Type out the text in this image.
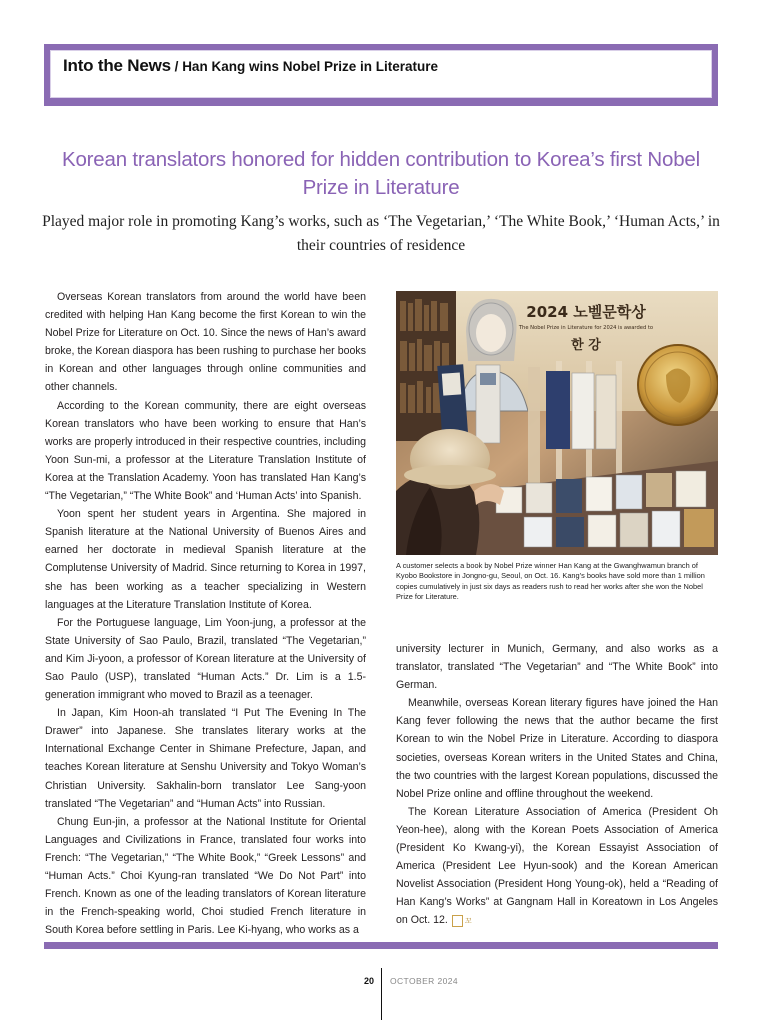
Into the News / Han Kang wins Nobel Prize in Literature
Korean translators honored for hidden contribution to Korea’s first Nobel Prize in Literature
Played major role in promoting Kang’s works, such as ‘The Vegetarian,’ ‘The White Book,’ ‘Human Acts,’ in their countries of residence

Overseas Korean translators from around the world have been credited with helping Han Kang become the first Korean to win the Nobel Prize for Literature on Oct. 10. Since the news of Han’s award broke, the Korean diaspora has been rushing to purchase her books in Korean and other languages through online communities and other channels.

According to the Korean community, there are eight overseas Korean translators who have been working to ensure that Han’s works are properly introduced in their respective countries, including Yoon Sun-mi, a professor at the Literature Translation Institute of Korea at the Translation Academy. Yoon has translated Han Kang’s “The Vegetarian,” “The White Book” and ‘Human Acts’ into Spanish.

Yoon spent her student years in Argentina. She majored in Spanish literature at the National University of Buenos Aires and earned her doctorate in medieval Spanish literature at the Complutense University of Madrid. Since returning to Korea in 1997, she has been working as a teacher specializing in Western languages at the Literature Translation Institute of Korea.

For the Portuguese language, Lim Yoon-jung, a professor at the State University of Sao Paulo, Brazil, translated “The Vegetarian,” and Kim Ji-yoon, a professor of Korean literature at the University of Sao Paulo (USP), translated “Human Acts.” Dr. Lim is a 1.5-generation immigrant who moved to Brazil as a teenager.

In Japan, Kim Hoon-ah translated “I Put The Evening In The Drawer” into Japanese. She translates literary works at the International Exchange Center in Shimane Prefecture, Japan, and teaches Korean literature at Senshu University and Tokyo Woman’s Christian University. Sakhalin-born translator Lee Sang-yoon translated “The Vegetarian” and “Human Acts” into Russian.

Chung Eun-jin, a professor at the National Institute for Oriental Languages and Civilizations in France, translated four works into French: “The Vegetarian,” “The White Book,” “Greek Lessons” and “Human Acts.” Choi Kyung-ran translated “We Do Not Part” into French. Known as one of the leading translators of Korean literature in the French-speaking world, Choi studied French literature in South Korea before settling in Paris. Lee Ki-hyang, who works as a

2024 노벨문학상
The Nobel Prize in Literature for 2024 is awarded to
한 강
A customer selects a book by Nobel Prize winner Han Kang at the Gwanghwamun branch of Kyobo Bookstore in Jongno-gu, Seoul, on Oct. 16. Kang’s books have sold more than 1 million copies cumulatively in just six days as readers rush to read her works after she won the Nobel Prize for Literature.

university lecturer in Munich, Germany, and also works as a translator, translated “The Vegetarian” and “The White Book” into German.

Meanwhile, overseas Korean literary figures have joined the Han Kang fever following the news that the author became the first Korean to win the Nobel Prize in Literature. According to diaspora societies, overseas Korean writers in the United States and China, the two countries with the largest Korean populations, discussed the Nobel Prize online and offline throughout the weekend.

The Korean Literature Association of America (President Oh Yeon-hee), along with the Korean Poets Association of America (President Ko Kwang-yi), the Korean Essayist Association of America (President Lee Hyun-sook) and the Korean American Novelist Association (President Hong Young-ok), held a “Reading of Han Kang’s Works” at Gangnam Hall in Koreatown in Los Angeles on Oct. 12. 꼬

20 OCTOBER 2024
